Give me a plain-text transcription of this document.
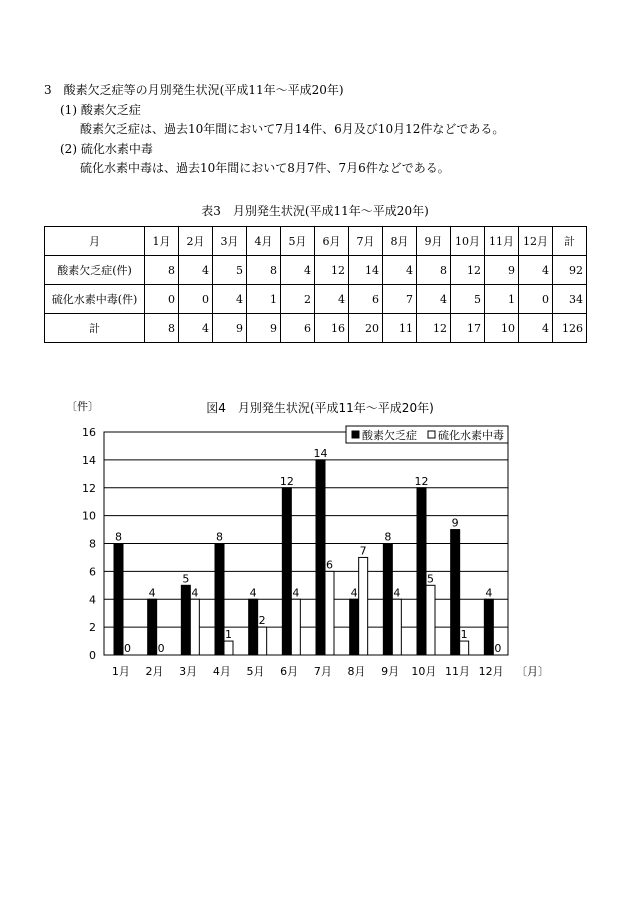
3　酸素欠乏症等の月別発生状況(平成11年～平成20年)
(1) 酸素欠乏症
酸素欠乏症は、過去10年間において7月14件、6月及び10月12件などである。
(2) 硫化水素中毒
硫化水素中毒は、過去10年間において8月7件、7月6件などである。
表3　月別発生状況(平成11年～平成20年)
月	1月	2月	3月	4月	5月	6月	7月	8月	9月	10月	11月	12月	計
酸素欠乏症(件)	8	4	5	8	4	12	14	4	8	12	9	4	92
硫化水素中毒(件)	0	0	4	1	2	4	6	7	4	5	1	0	34
計	8	4	9	9	6	16	20	11	12	17	10	4	126
図4　月別発生状況(平成11年～平成20年)
〔件〕
〔月〕
0
2
4
6
8
10
12
14
16
8
0
1月
4
0
2月
5
4
3月
8
1
4月
4
2
5月
12
4
6月
14
6
7月
4
7
8月
8
4
9月
12
5
10月
9
1
11月
4
0
12月
酸素欠乏症 硫化水素中毒
